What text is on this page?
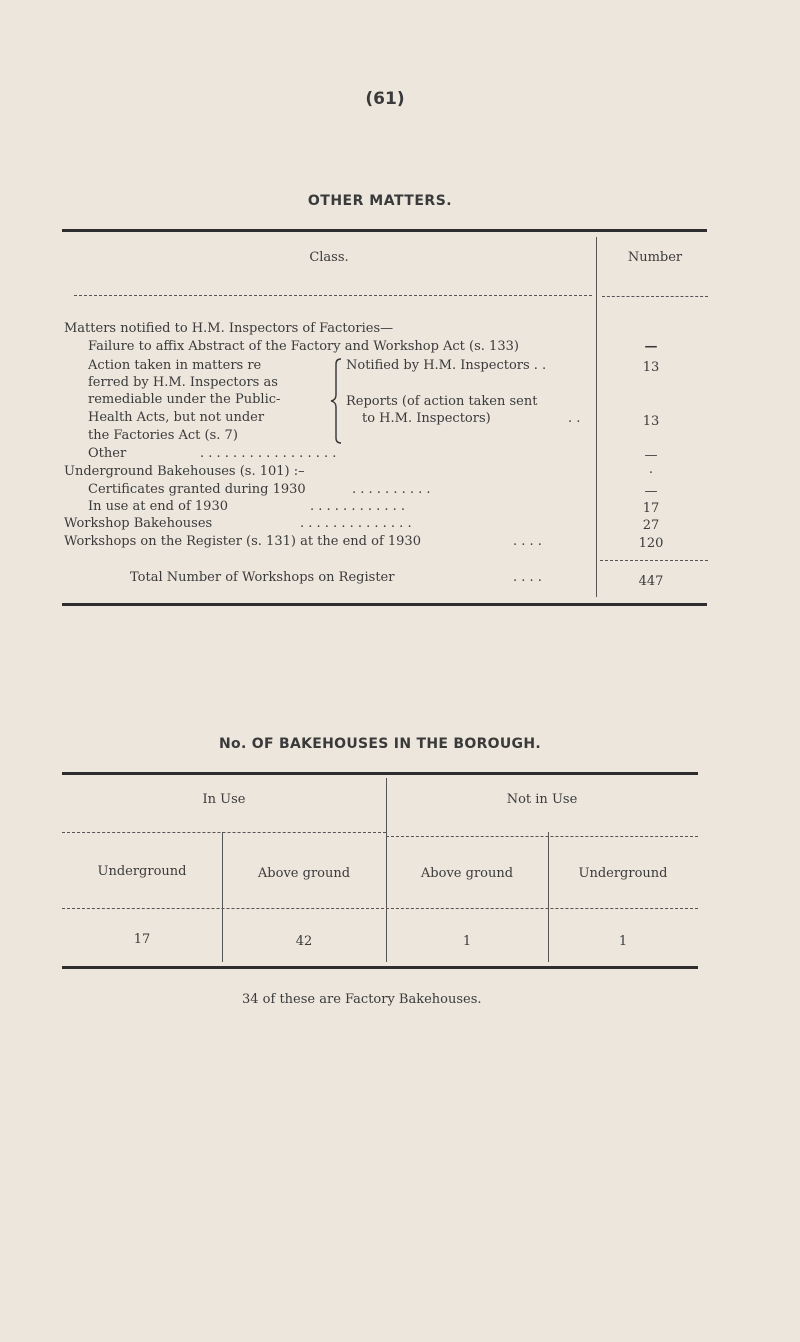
(61)
OTHER MATTERS.
Class.	Number
Matters notified to H.M. Inspectors of Factories—
Failure to affix Abstract of the Factory and Workshop Act (s. 133)	—
Action taken in matters re
ferred by H.M. Inspectors as
remediable under the Public-
Health Acts, but not under
the Factories Act (s. 7)
Notified by H.M. Inspectors . .	13
Reports (of action taken sent
to H.M. Inspectors)	. .	13
Other	. . . . . . . . . . . . . . . . .	—
Underground Bakehouses (s. 101) :–	.
Certificates granted during 1930	. . . . . . . . . .	—
In use at end of 1930	. . . . . . . . . . . .	17
Workshop Bakehouses	. . . . . . . . . . . . . .	27
Workshops on the Register (s. 131) at the end of 1930	. . . .	120
Total Number of Workshops on Register	. . . .	447
No. OF BAKEHOUSES IN THE BOROUGH.
In Use	Not in Use
Underground	Above ground	Above ground	Underground
17	42	1	1
34 of these are Factory Bakehouses.
